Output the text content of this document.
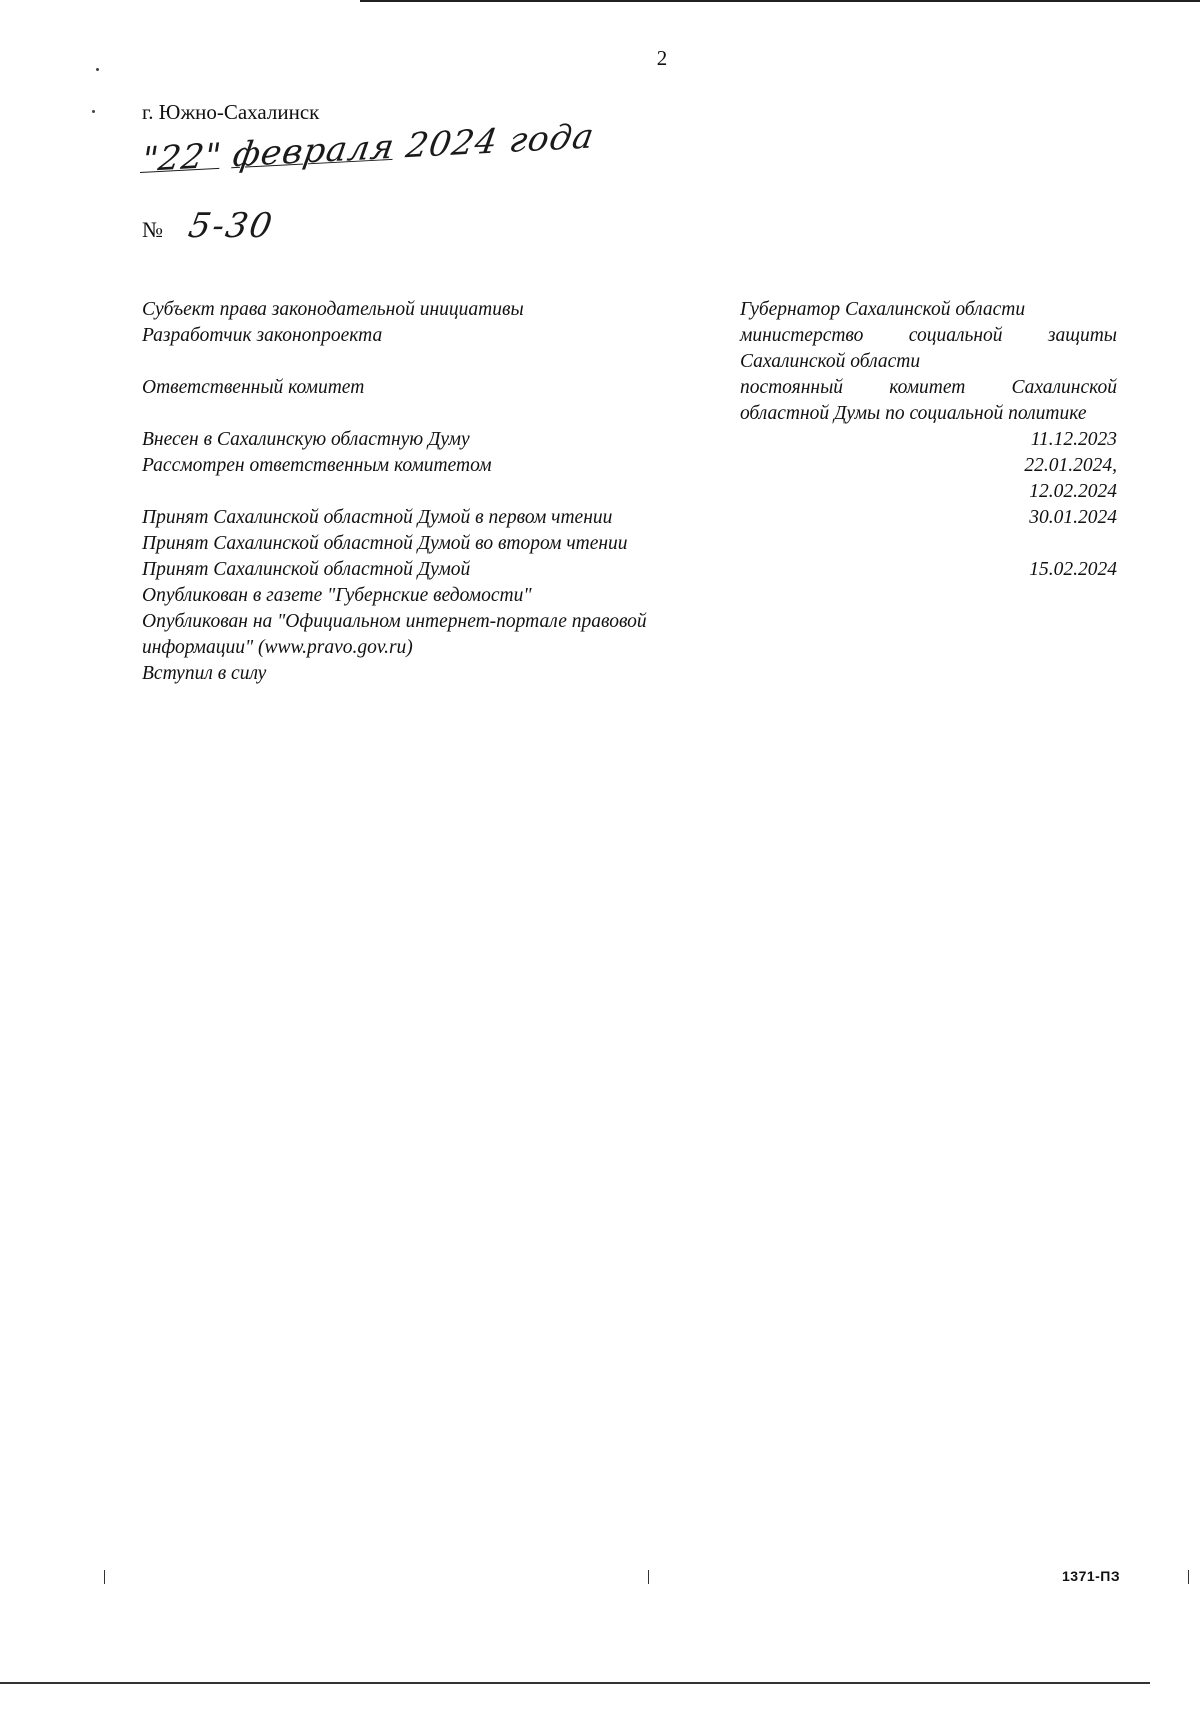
2
г. Южно-Сахалинск
"22" февраля 2024 года
№ 5-30
Субъект права законодательной инициативы	Губернатор Сахалинской области
Разработчик законопроекта	министерство социальной защиты Сахалинской области
Ответственный комитет	постоянный комитет Сахалинской областной Думы по социальной политике
Внесен в Сахалинскую областную Думу	11.12.2023
Рассмотрен ответственным комитетом	22.01.2024,
12.02.2024

Принят Сахалинской областной Думой в первом чтении	30.01.2024
Принят Сахалинской областной Думой во втором чтении	
Принят Сахалинской областной Думой	15.02.2024
Опубликован в газете "Губернские ведомости"	
Опубликован на "Официальном интернет-портале правовой информации" (www.pravo.gov.ru)	
Вступил в силу	
1371-ПЗ
